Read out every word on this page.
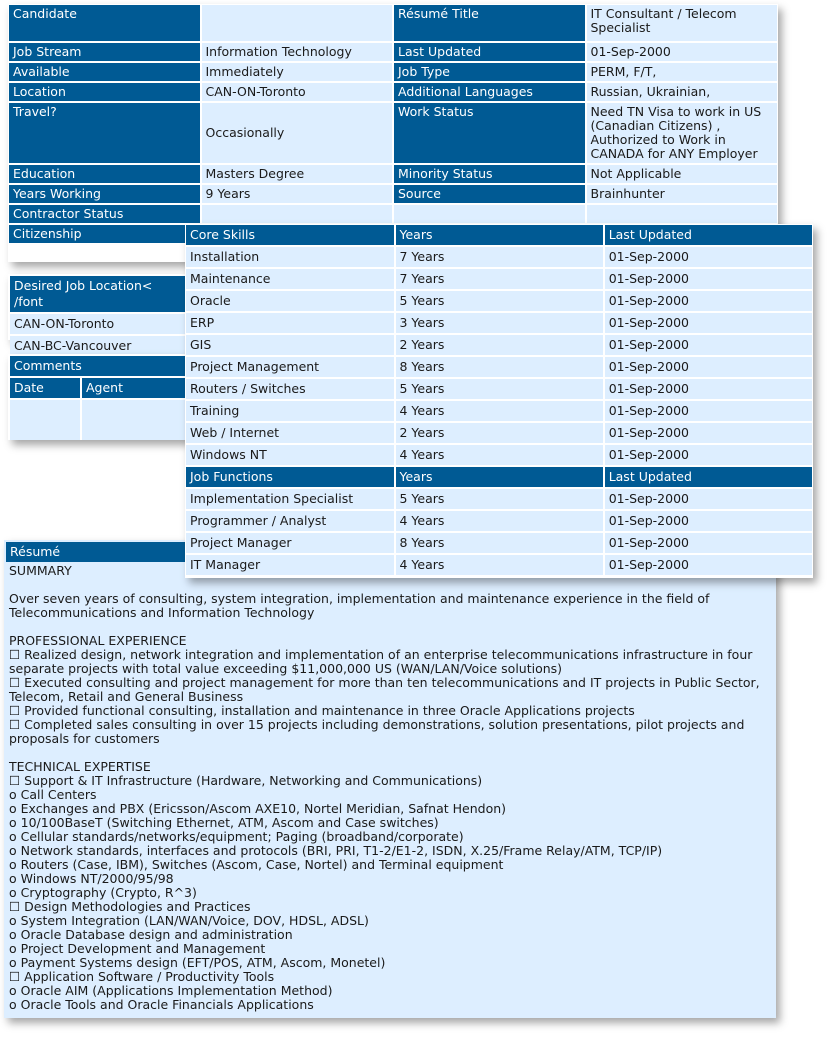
Candidate		Résumé Title	IT Consultant / Telecom Specialist
Job Stream	Information Technology	Last Updated	01-Sep-2000
Available	Immediately	Job Type	PERM, F/T,
Location	CAN-ON-Toronto	Additional Languages	Russian, Ukrainian,
Travel?	Occasionally	Work Status	Need TN Visa to work in US (Canadian Citizens) , Authorized to Work in CANADA for ANY Employer
Education	Masters Degree	Minority Status	Not Applicable
Years Working	9 Years	Source	Brainhunter
Contractor Status			
Citizenship			
Desired Job Location< /font
CAN-ON-Toronto
CAN-BC-Vancouver
Comments
Date	Agent
Core Skills	Years	Last Updated
Installation	7 Years	01-Sep-2000
Maintenance	7 Years	01-Sep-2000
Oracle	5 Years	01-Sep-2000
ERP	3 Years	01-Sep-2000
GIS	2 Years	01-Sep-2000
Project Management	8 Years	01-Sep-2000
Routers / Switches	5 Years	01-Sep-2000
Training	4 Years	01-Sep-2000
Web / Internet	2 Years	01-Sep-2000
Windows NT	4 Years	01-Sep-2000
Job Functions	Years	Last Updated
Implementation Specialist	5 Years	01-Sep-2000
Programmer / Analyst	4 Years	01-Sep-2000
Project Manager	8 Years	01-Sep-2000
IT Manager	4 Years	01-Sep-2000
Résumé
SUMMARY

Over seven years of consulting, system integration, implementation and maintenance experience in the field of Telecommunications and Information Technology

PROFESSIONAL EXPERIENCE
☐ Realized design, network integration and implementation of an enterprise telecommunications infrastructure in four separate projects with total value exceeding $11,000,000 US (WAN/LAN/Voice solutions)
☐ Executed consulting and project management for more than ten telecommunications and IT projects in Public Sector, Telecom, Retail and General Business
☐ Provided functional consulting, installation and maintenance in three Oracle Applications projects
☐ Completed sales consulting in over 15 projects including demonstrations, solution presentations, pilot projects and proposals for customers

TECHNICAL EXPERTISE
☐ Support & IT Infrastructure (Hardware, Networking and Communications)
o Call Centers
o Exchanges and PBX (Ericsson/Ascom AXE10, Nortel Meridian, Safnat Hendon)
o 10/100BaseT (Switching Ethernet, ATM, Ascom and Case switches)
o Cellular standards/networks/equipment; Paging (broadband/corporate)
o Network standards, interfaces and protocols (BRI, PRI, T1-2/E1-2, ISDN, X.25/Frame Relay/ATM, TCP/IP)
o Routers (Case, IBM), Switches (Ascom, Case, Nortel) and Terminal equipment
o Windows NT/2000/95/98
o Cryptography (Crypto, R^3)
☐ Design Methodologies and Practices
o System Integration (LAN/WAN/Voice, DOV, HDSL, ADSL)
o Oracle Database design and administration
o Project Development and Management
o Payment Systems design (EFT/POS, ATM, Ascom, Monetel)
☐ Application Software / Productivity Tools
o Oracle AIM (Applications Implementation Method)
o Oracle Tools and Oracle Financials Applications
